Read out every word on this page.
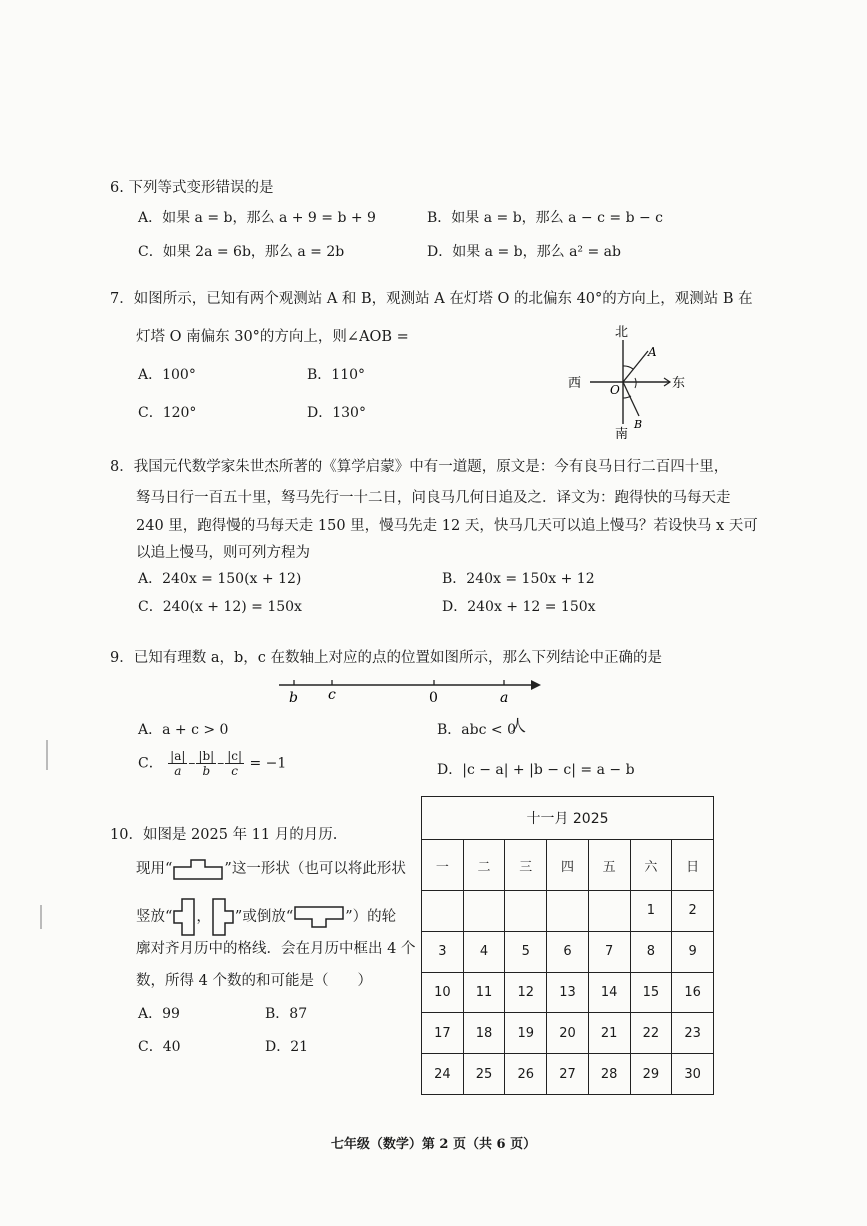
6. 下列等式变形错误的是
A．如果 a = b，那么 a + 9 = b + 9	B．如果 a = b，那么 a − c = b − c
C．如果 2a = 6b，那么 a = 2b	D．如果 a = b，那么 a² = ab
7．如图所示，已知有两个观测站 A 和 B，观测站 A 在灯塔 O 的北偏东 40°的方向上，观测站 B 在
灯塔 O 南偏东 30°的方向上，则∠AOB =
A．100°	B．110°
C．120°	D．130°
北
南
西	东
O
A
B
8．我国元代数学家朱世杰所著的《算学启蒙》中有一道题，原文是：今有良马日行二百四十里，
驽马日行一百五十里，驽马先行一十二日，问良马几何日追及之．译文为：跑得快的马每天走
240 里，跑得慢的马每天走 150 里，慢马先走 12 天，快马几天可以追上慢马？若设快马 x 天可
以追上慢马，则可列方程为
A．240x = 150(x + 12)	B．240x = 150x + 12
C．240(x + 12) = 150x	D．240x + 12 = 150x
9．已知有理数 a，b，c 在数轴上对应的点的位置如图所示，那么下列结论中正确的是
b c	0	a
A．a + c > 0	B．abc < 0
人
C． $\frac{|a|}{a} - \frac{|b|}{b} - \frac{|c|}{c} = -1$	D．|c − a| + |b − c| = a − b
10．如图是 2025 年 11 月的月历.
现用“	”这一形状（也可以将此形状
竖放“ ， ”或倒放“	”）的轮
廓对齐月历中的格线．会在月历中框出 4 个
数，所得 4 个数的和可能是（　　）
A．99	B．87
C．40	D．21
十一月 2025						
一	二	三	四	五	六	日
					1	2
3	4	5	6	7	8	9
10	11	12	13	14	15	16
17	18	19	20	21	22	23
24	25	26	27	28	29	30
七年级（数学）第 2 页（共 6 页）
